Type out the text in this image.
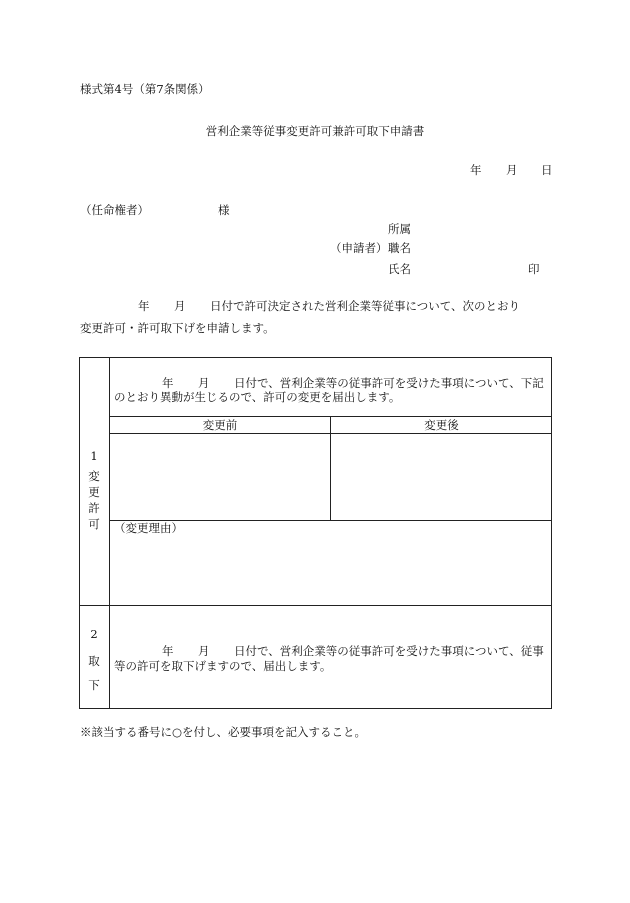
様式第4号（第7条関係）
営利企業等従事変更許可兼許可取下申請書
年 月 日
（任命権者）	様
所属
（申請者） 職名
氏名	印
年 月 日付で許可決定された営利企業等従事について、次のとおり
変更許可・許可取下げを申請します。
1
変
更
許
可
年 月 日付で、営利企業等の従事許可を受けた事項について、下記
のとおり異動が生じるので、許可の変更を届出します。
変更前	変更後
（変更理由）
2
取
下
年 月 日付で、営利企業等の従事許可を受けた事項について、従事
等の許可を取下げますので、届出します。
※該当する番号に○を付し、必要事項を記入すること。
